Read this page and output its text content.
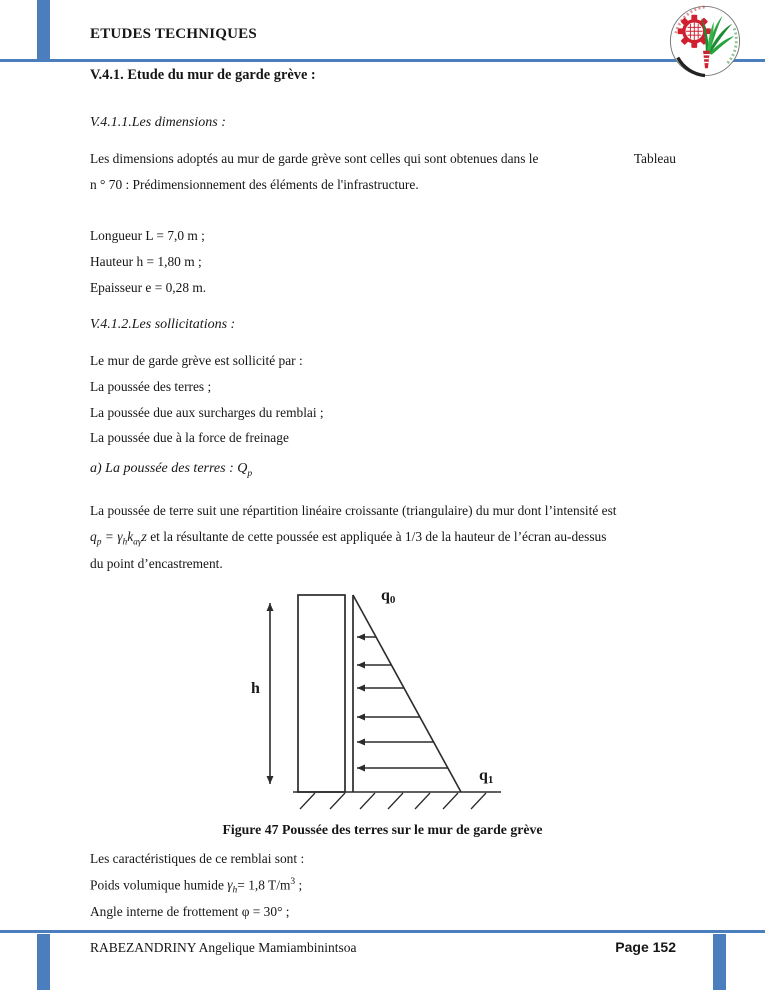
ETUDES TECHNIQUES
V.4.1. Etude du mur de garde grève :
V.4.1.1.Les dimensions :
Les dimensions adoptés au mur de garde grève sont celles qui sont obtenues dans le	Tableau
n ° 70 : Prédimensionnement des éléments de l'infrastructure.
Longueur L = 7,0 m ;
Hauteur h = 1,80 m ;
Epaisseur e = 0,28 m.
V.4.1.2.Les sollicitations :
Le mur de garde grève est sollicité par :
La poussée des terres ;
La poussée due aux surcharges du remblai ;
La poussée due à la force de freinage
a) La poussée des terres : $Q_p$
La poussée de terre suit une répartition linéaire croissante (triangulaire) du mur dont l’intensité est
$q_p = \gamma_hk_{a\gamma}z$ et la résultante de cette poussée est appliquée à 1/3 de la hauteur de l’écran au-dessus
du point d’encastrement.
h
q0
q1
Figure 47 Poussée des terres sur le mur de garde grève
Les caractéristiques de ce remblai sont :
Poids volumique humide $\gamma_h= 1,8$ $T/m^3$ ;
Angle interne de frottement φ = 30° ;
RABEZANDRINY Angelique Mamiambinintsoa	Page 152
